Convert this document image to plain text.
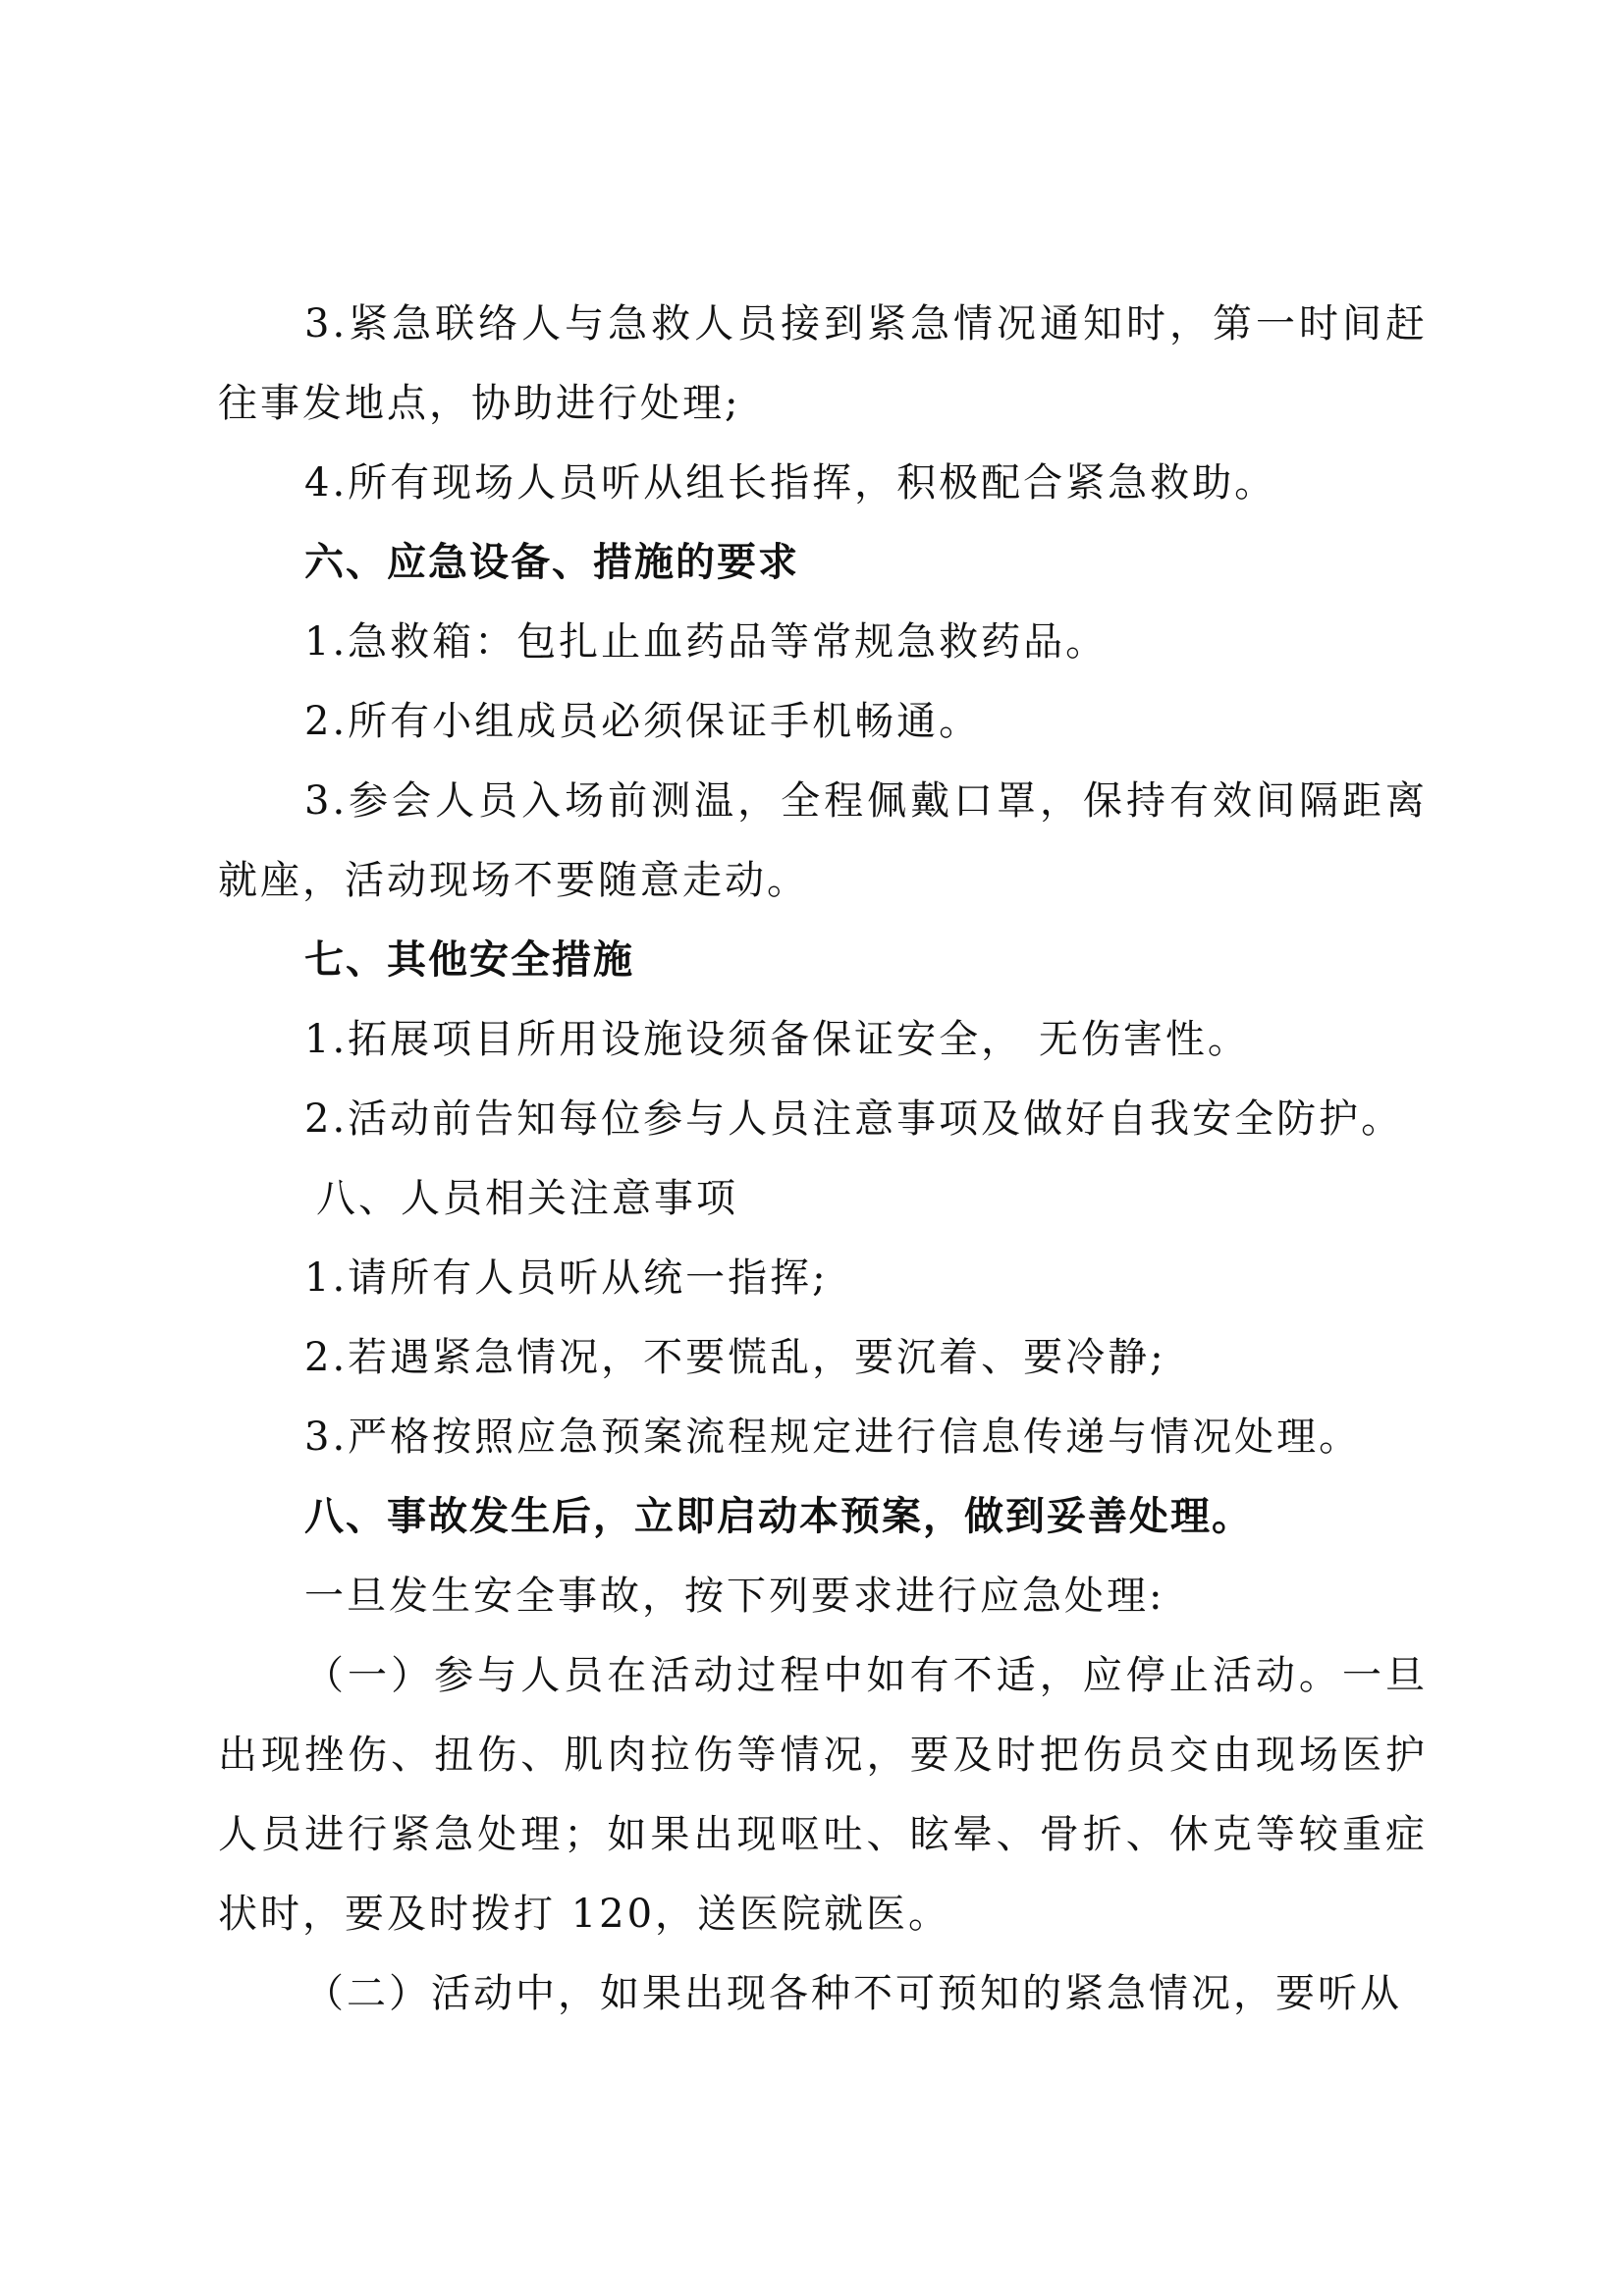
3.紧急联络人与急救人员接到紧急情况通知时，第一时间赶往事发地点，协助进行处理;

4.所有现场人员听从组长指挥，积极配合紧急救助。

六、应急设备、措施的要求

1.急救箱：包扎止血药品等常规急救药品。

2.所有小组成员必须保证手机畅通。

3.参会人员入场前测温，全程佩戴口罩，保持有效间隔距离就座，活动现场不要随意走动。

七、其他安全措施

1.拓展项目所用设施设须备保证安全， 无伤害性。

2.活动前告知每位参与人员注意事项及做好自我安全防护。

八、人员相关注意事项

1.请所有人员听从统一指挥;

2.若遇紧急情况，不要慌乱，要沉着、要冷静;

3.严格按照应急预案流程规定进行信息传递与情况处理。

八、事故发生后，立即启动本预案，做到妥善处理。

一旦发生安全事故，按下列要求进行应急处理:

（一）参与人员在活动过程中如有不适，应停止活动。一旦出现挫伤、扭伤、肌肉拉伤等情况，要及时把伤员交由现场医护人员进行紧急处理；如果出现呕吐、眩晕、骨折、休克等较重症状时，要及时拨打 120，送医院就医。

（二）活动中，如果出现各种不可预知的紧急情况，要听从
